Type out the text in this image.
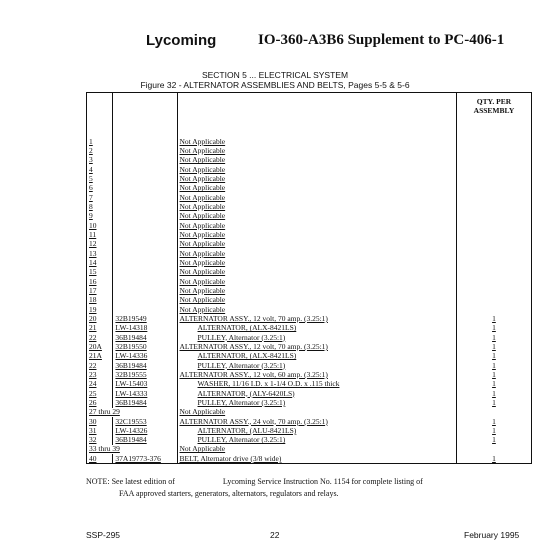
Lycoming	IO-360-A3B6 Supplement to PC-406-1
SECTION 5 ... ELECTRICAL SYSTEM
Figure 32 - ALTERNATOR ASSEMBLIES AND BELTS, Pages 5-5 & 5-6
			QTY. PER
ASSEMBLY
1		Not Applicable	
2		Not Applicable	
3		Not Applicable	
4		Not Applicable	
5		Not Applicable	
6		Not Applicable	
7		Not Applicable	
8		Not Applicable	
9		Not Applicable	
10		Not Applicable	
11		Not Applicable	
12		Not Applicable	
13		Not Applicable	
14		Not Applicable	
15		Not Applicable	
16		Not Applicable	
17		Not Applicable	
18		Not Applicable	
19		Not Applicable	
20	32B19549	ALTERNATOR ASSY., 12 volt, 70 amp. (3.25:1)	1
21	LW-14318	ALTERNATOR, (ALX-8421LS)	1
22	36B19484	PULLEY, Alternator (3.25:1)	1
20A	32B19550	ALTERNATOR ASSY., 12 volt, 70 amp. (3.25:1)	1
21A	LW-14336	ALTERNATOR, (ALX-8421LS)	1
22	36B19484	PULLEY, Alternator (3.25:1)	1
23	32B19555	ALTERNATOR ASSY., 12 volt, 60 amp. (3.25:1)	1
24	LW-15403	WASHER, 11/16 I.D. x 1-1/4 O.D. x .115 thick	1
25	LW-14333	ALTERNATOR, (ALY-6420LS)	1
26	36B19484	PULLEY, Alternator (3.25:1)	1
27 thru 29		Not Applicable	
30	32C19553	ALTERNATOR ASSY., 24 volt, 70 amp. (3.25:1)	1
31	LW-14326	ALTERNATOR, (ALU-8421LS)	1
32	36B19484	PULLEY, Alternator (3.25:1)	1
33 thru 39		Not Applicable	
40	37A19773-376	BELT, Alternator drive (3/8 wide)	1
NOTE: See latest edition of	Lycoming Service Instruction No. 1154 for complete listing of
FAA approved starters, generators, alternators, regulators and relays.
SSP-295	22	February 1995
